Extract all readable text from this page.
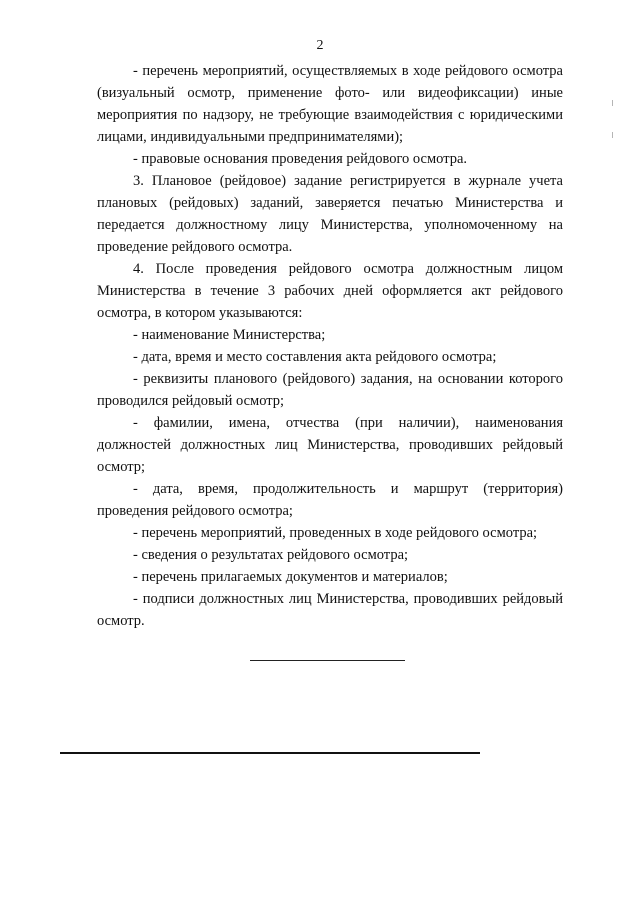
2

- перечень мероприятий, осуществляемых в ходе рейдового осмотра (визуальный осмотр, применение фото- или видеофиксации) иные мероприятия по надзору, не требующие взаимодействия с юридическими лицами, индивидуальными предпринимателями);

- правовые основания проведения рейдового осмотра.

3. Плановое (рейдовое) задание регистрируется в журнале учета плановых (рейдовых) заданий, заверяется печатью Министерства и передается должностному лицу Министерства, уполномоченному на проведение рейдового осмотра.

4. После проведения рейдового осмотра должностным лицом Министерства в течение 3 рабочих дней оформляется акт рейдового осмотра, в котором указываются:

- наименование Министерства;

- дата, время и место составления акта рейдового осмотра;

- реквизиты планового (рейдового) задания, на основании которого проводился рейдовый осмотр;

- фамилии, имена, отчества (при наличии), наименования должностей должностных лиц Министерства, проводивших рейдовый осмотр;

- дата, время, продолжительность и маршрут (территория) проведения рейдового осмотра;

- перечень мероприятий, проведенных в ходе рейдового осмотра;

- сведения о результатах рейдового осмотра;

- перечень прилагаемых документов и материалов;

- подписи должностных лиц Министерства, проводивших рейдовый осмотр.
